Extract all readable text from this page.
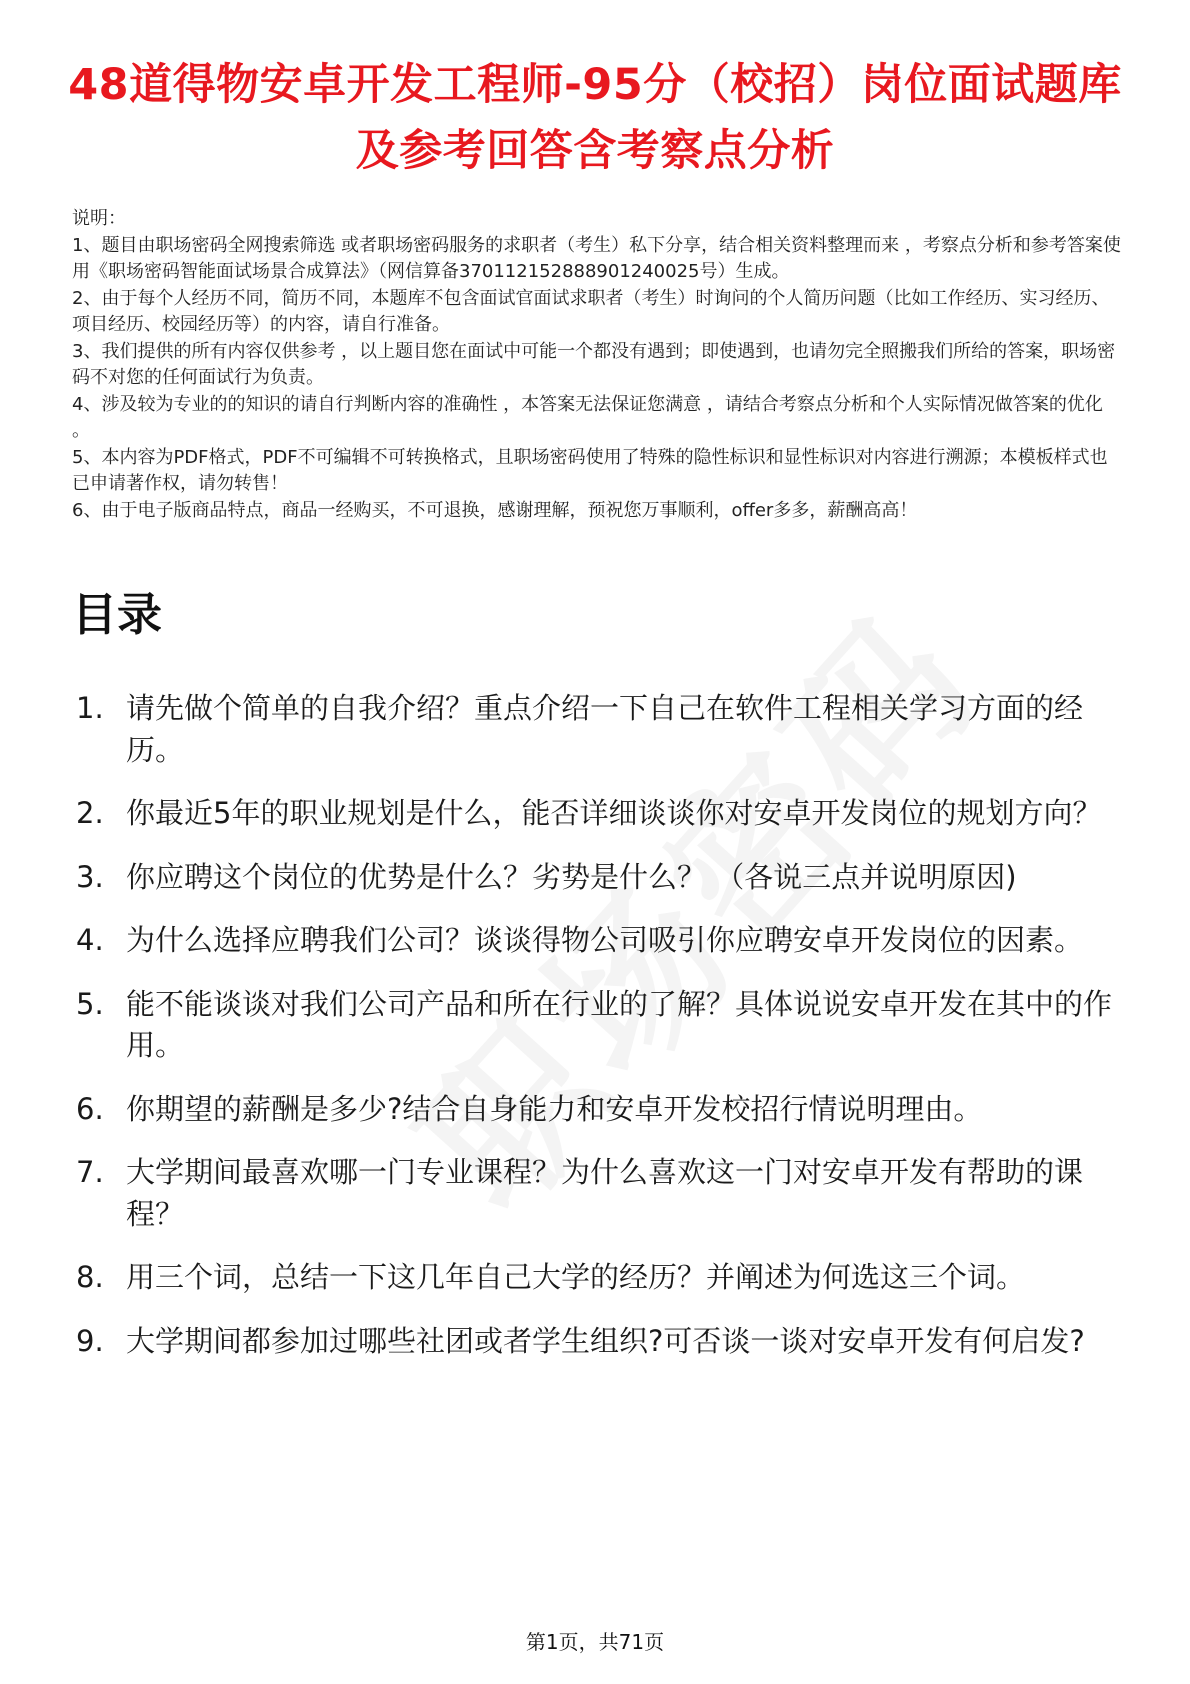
48道得物安卓开发工程师-95分（校招）岗位面试题库及参考回答含考察点分析

说明：

1、题目由职场密码全网搜索筛选 或者职场密码服务的求职者（考生）私下分享，结合相关资料整理而来 ，考察点分析和参考答案使用《职场密码智能面试场景合成算法》（网信算备370112152888901240025号）生成。

2、由于每个人经历不同，简历不同，本题库不包含面试官面试求职者（考生）时询问的个人简历问题（比如工作经历、实习经历、项目经历、校园经历等）的内容，请自行准备。

3、我们提供的所有内容仅供参考 ，以上题目您在面试中可能一个都没有遇到；即使遇到，也请勿完全照搬我们所给的答案，职场密码不对您的任何面试行为负责。

4、涉及较为专业的的知识的请自行判断内容的准确性 ，本答案无法保证您满意 ，请结合考察点分析和个人实际情况做答案的优化 。

5、本内容为PDF格式，PDF不可编辑不可转换格式，且职场密码使用了特殊的隐性标识和显性标识对内容进行溯源；本模板样式也已申请著作权，请勿转售！

6、由于电子版商品特点，商品一经购买，不可退换，感谢理解，预祝您万事顺利，offer多多，薪酬高高！

目录
1. 请先做个简单的自我介绍？重点介绍一下自己在软件工程相关学习方面的经历。
2. 你最近5年的职业规划是什么，能否详细谈谈你对安卓开发岗位的规划方向？
3. 你应聘这个岗位的优势是什么？劣势是什么？ （各说三点并说明原因)
4. 为什么选择应聘我们公司？谈谈得物公司吸引你应聘安卓开发岗位的因素。
5. 能不能谈谈对我们公司产品和所在行业的了解？具体说说安卓开发在其中的作用。
6. 你期望的薪酬是多少?结合自身能力和安卓开发校招行情说明理由。
7. 大学期间最喜欢哪一门专业课程？为什么喜欢这一门对安卓开发有帮助的课程？
8. 用三个词，总结一下这几年自己大学的经历？并阐述为何选这三个词。
9. 大学期间都参加过哪些社团或者学生组织?可否谈一谈对安卓开发有何启发?
第1页，共71页
